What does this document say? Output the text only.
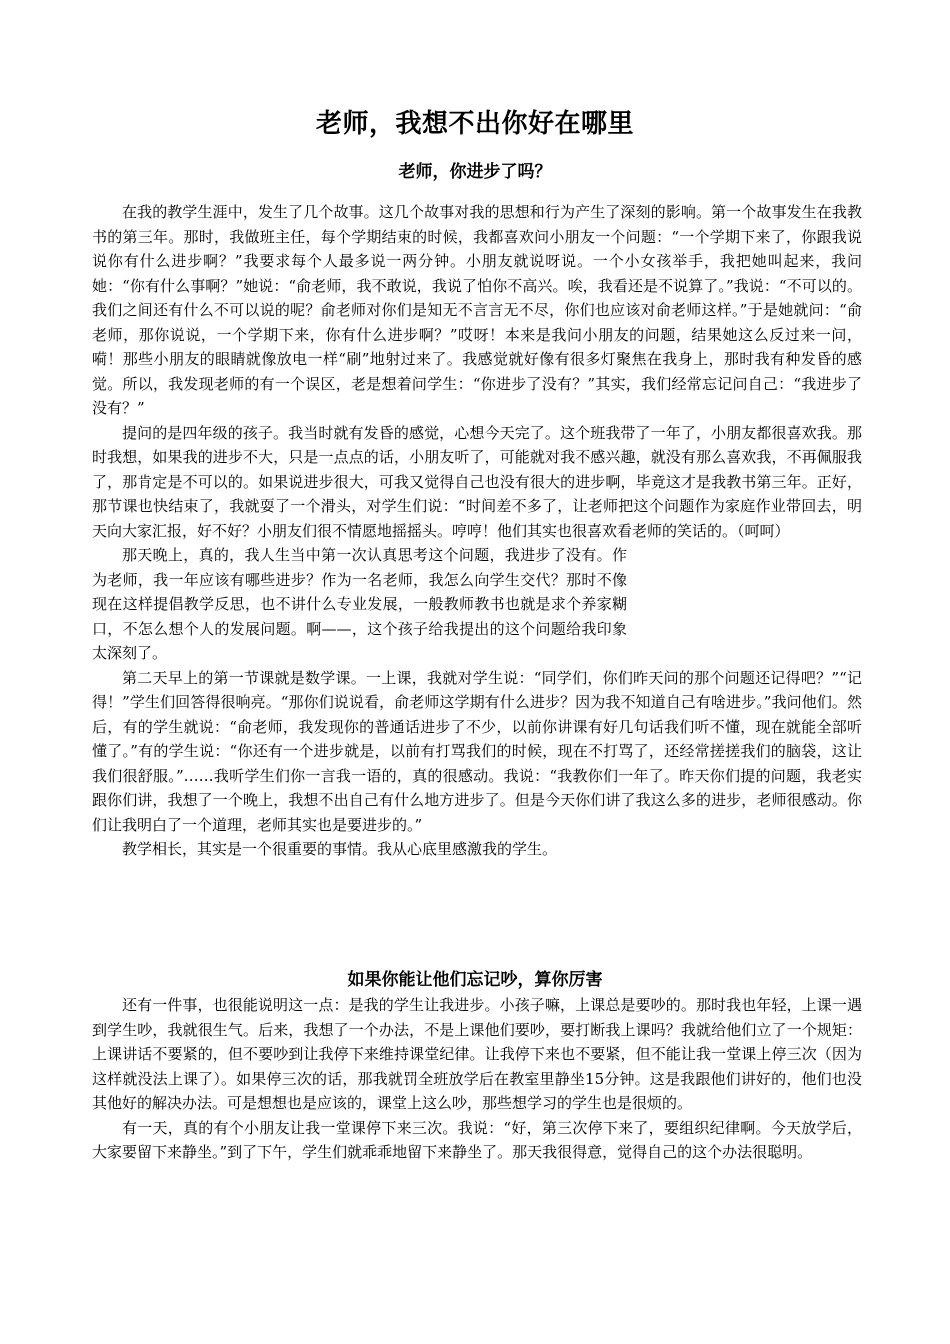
老师，我想不出你好在哪里
老师，你进步了吗？

在我的教学生涯中，发生了几个故事。这几个故事对我的思想和行为产生了深刻的影响。第一个故事发生在我教书的第三年。那时，我做班主任，每个学期结束的时候，我都喜欢问小朋友一个问题：“一个学期下来了，你跟我说说你有什么进步啊？”我要求每个人最多说一两分钟。小朋友就说呀说。一个小女孩举手，我把她叫起来，我问她：“你有什么事啊？”她说：“俞老师，我不敢说，我说了怕你不高兴。唉，我看还是不说算了。”我说：“不可以的。我们之间还有什么不可以说的呢？俞老师对你们是知无不言言无不尽，你们也应该对俞老师这样。”于是她就问：“俞老师，那你说说，一个学期下来，你有什么进步啊？”哎呀！本来是我问小朋友的问题，结果她这么反过来一问，嗬！那些小朋友的眼睛就像放电一样“刷”地射过来了。我感觉就好像有很多灯聚焦在我身上，那时我有种发昏的感觉。所以，我发现老师的有一个误区，老是想着问学生：“你进步了没有？”其实，我们经常忘记问自己：“我进步了没有？”

提问的是四年级的孩子。我当时就有发昏的感觉，心想今天完了。这个班我带了一年了，小朋友都很喜欢我。那时我想，如果我的进步不大，只是一点点的话，小朋友听了，可能就对我不感兴趣，就没有那么喜欢我，不再佩服我了，那肯定是不可以的。如果说进步很大，可我又觉得自己也没有很大的进步啊，毕竟这才是我教书第三年。正好，那节课也快结束了，我就耍了一个滑头，对学生们说：“时间差不多了，让老师把这个问题作为家庭作业带回去，明天向大家汇报，好不好？小朋友们很不情愿地摇摇头。哼哼！他们其实也很喜欢看老师的笑话的。（呵呵）

那天晚上，真的，我人生当中第一次认真思考这个问题，我进步了没有。作为老师，我一年应该有哪些进步？作为一名老师，我怎么向学生交代？那时不像现在这样提倡教学反思，也不讲什么专业发展，一般教师教书也就是求个养家糊口，不怎么想个人的发展问题。啊——，这个孩子给我提出的这个问题给我印象太深刻了。

第二天早上的第一节课就是数学课。一上课，我就对学生说：“同学们，你们昨天问的那个问题还记得吧？”“记得！”学生们回答得很响亮。“那你们说说看，俞老师这学期有什么进步？因为我不知道自己有啥进步。”我问他们。然后，有的学生就说：“俞老师，我发现你的普通话进步了不少，以前你讲课有好几句话我们听不懂，现在就能全部听懂了。”有的学生说：“你还有一个进步就是，以前有打骂我们的时候，现在不打骂了，还经常搓搓我们的脑袋，这让我们很舒服。”……我听学生们你一言我一语的，真的很感动。我说：“我教你们一年了。昨天你们提的问题，我老实跟你们讲，我想了一个晚上，我想不出自己有什么地方进步了。但是今天你们讲了我这么多的进步，老师很感动。你们让我明白了一个道理，老师其实也是要进步的。”

教学相长，其实是一个很重要的事情。我从心底里感激我的学生。

如果你能让他们忘记吵，算你厉害

还有一件事，也很能说明这一点：是我的学生让我进步。小孩子嘛，上课总是要吵的。那时我也年轻，上课一遇到学生吵，我就很生气。后来，我想了一个办法，不是上课他们要吵，要打断我上课吗？我就给他们立了一个规矩：上课讲话不要紧的，但不要吵到让我停下来维持课堂纪律。让我停下来也不要紧，但不能让我一堂课上停三次（因为这样就没法上课了）。如果停三次的话，那我就罚全班放学后在教室里静坐15分钟。这是我跟他们讲好的，他们也没其他好的解决办法。可是想想也是应该的，课堂上这么吵，那些想学习的学生也是很烦的。

有一天，真的有个小朋友让我一堂课停下来三次。我说：“好，第三次停下来了，要组织纪律啊。今天放学后，大家要留下来静坐。”到了下午，学生们就乖乖地留下来静坐了。那天我很得意，觉得自己的这个办法很聪明。
